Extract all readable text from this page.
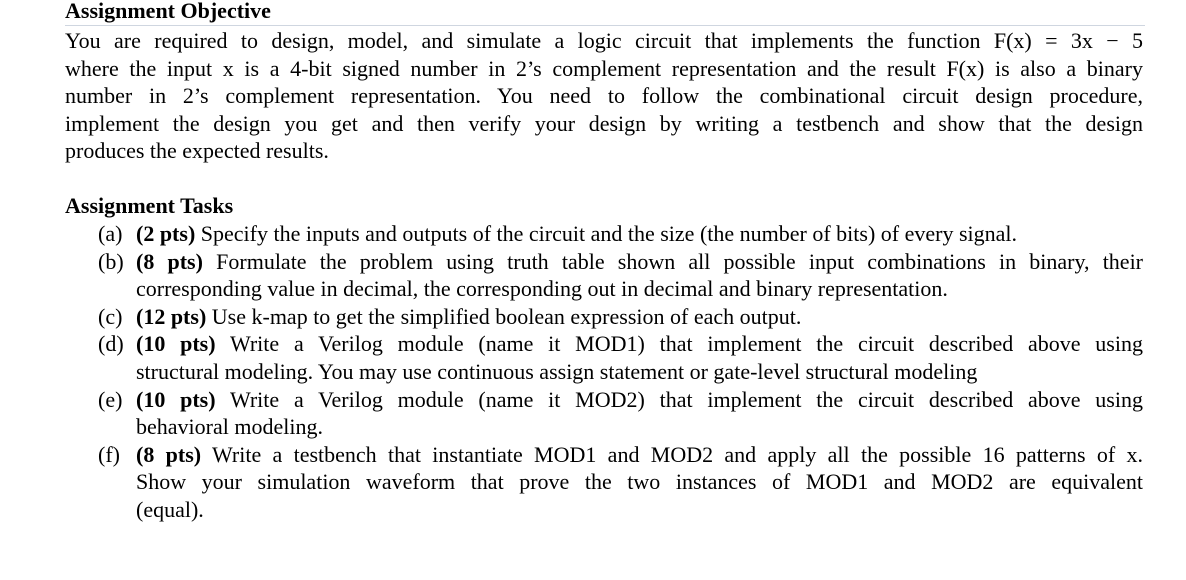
Assignment Objective
You are required to design, model, and simulate a logic circuit that implements the function F(x) = 3x − 5
where the input x is a 4-bit signed number in 2’s complement representation and the result F(x) is also a binary
number in 2’s complement representation. You need to follow the combinational circuit design procedure,
implement the design you get and then verify your design by writing a testbench and show that the design
produces the expected results.
Assignment Tasks
(a) (2 pts) Specify the inputs and outputs of the circuit and the size (the number of bits) of every signal.
(b) (8 pts) Formulate the problem using truth table shown all possible input combinations in binary, their
corresponding value in decimal, the corresponding out in decimal and binary representation.
(c) (12 pts) Use k-map to get the simplified boolean expression of each output.
(d) (10 pts) Write a Verilog module (name it MOD1) that implement the circuit described above using
structural modeling. You may use continuous assign statement or gate-level structural modeling
(e) (10 pts) Write a Verilog module (name it MOD2) that implement the circuit described above using
behavioral modeling.
(f) (8 pts) Write a testbench that instantiate MOD1 and MOD2 and apply all the possible 16 patterns of x.
Show your simulation waveform that prove the two instances of MOD1 and MOD2 are equivalent
(equal).
